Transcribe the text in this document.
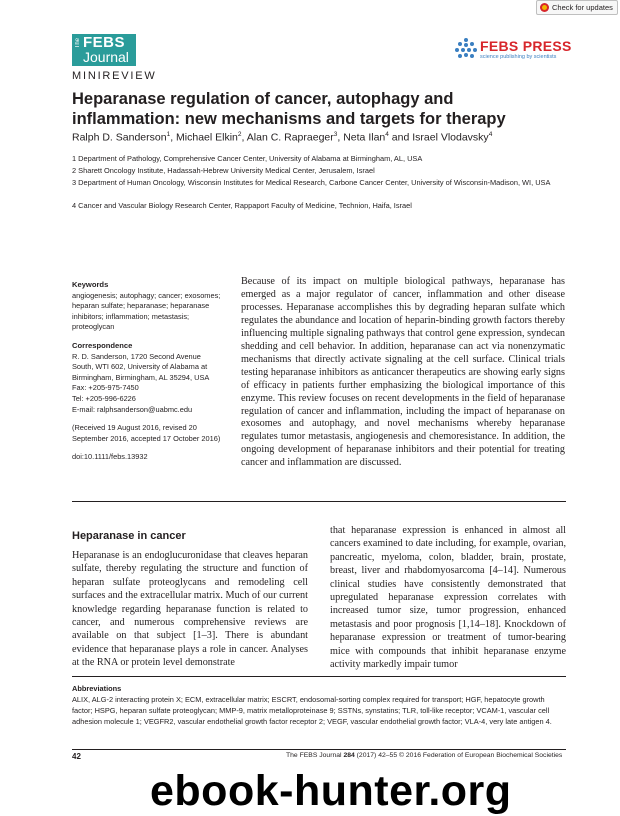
Check for updates
The FEBS
Journal
FEBS PRESS
science publishing by scientists
MINIREVIEW
Heparanase regulation of cancer, autophagy and inflammation: new mechanisms and targets for therapy
Ralph D. Sanderson$^1$, Michael Elkin$^2$, Alan C. Rapraeger$^3$, Neta Ilan$^4$ and Israel Vlodavsky$^4$
1 Department of Pathology, Comprehensive Cancer Center, University of Alabama at Birmingham, AL, USA
2 Sharett Oncology Institute, Hadassah-Hebrew University Medical Center, Jerusalem, Israel
3 Department of Human Oncology, Wisconsin Institutes for Medical Research, Carbone Cancer Center, University of Wisconsin-Madison, WI, USA
4 Cancer and Vascular Biology Research Center, Rappaport Faculty of Medicine, Technion, Haifa, Israel
Keywords
angiogenesis; autophagy; cancer; exosomes; heparan sulfate; heparanase; heparanase inhibitors; inflammation; metastasis; proteoglycan
Correspondence
R. D. Sanderson, 1720 Second Avenue
South, WTI 602, University of Alabama at
Birmingham, Birmingham, AL 35294, USA
Fax: +205-975-7450
Tel: +205-996-6226
E-mail: ralphsanderson@uabmc.edu
(Received 19 August 2016, revised 20 September 2016, accepted 17 October 2016)
doi:10.1111/febs.13932
Because of its impact on multiple biological pathways, heparanase has emerged as a major regulator of cancer, inflammation and other disease processes. Heparanase accomplishes this by degrading heparan sulfate which regulates the abundance and location of heparin-binding growth factors thereby influencing multiple signaling pathways that control gene expression, syndecan shedding and cell behavior. In addition, heparanase can act via nonenzymatic mechanisms that directly activate signaling at the cell surface. Clinical trials testing heparanase inhibitors as anticancer therapeutics are showing early signs of efficacy in patients further emphasizing the biological importance of this enzyme. This review focuses on recent developments in the field of heparanase regulation of cancer and inflammation, including the impact of heparanase on exosomes and autophagy, and novel mechanisms whereby heparanase regulates tumor metastasis, angiogenesis and chemoresistance. In addition, the ongoing development of heparanase inhibitors and their potential for treating cancer and inflammation are discussed.
Heparanase in cancer
Heparanase is an endoglucuronidase that cleaves heparan sulfate, thereby regulating the structure and function of heparan sulfate proteoglycans and remodeling cell surfaces and the extracellular matrix. Much of our current knowledge regarding heparanase function is related to cancer, and numerous comprehensive reviews are available on that subject [1–3]. There is abundant evidence that heparanase plays a role in cancer. Analyses at the RNA or protein level demonstrate
that heparanase expression is enhanced in almost all cancers examined to date including, for example, ovarian, pancreatic, myeloma, colon, bladder, brain, prostate, breast, liver and rhabdomyosarcoma [4–14]. Numerous clinical studies have consistently demonstrated that upregulated heparanase expression correlates with increased tumor size, tumor progression, enhanced metastasis and poor prognosis [1,14–18]. Knockdown of heparanase expression or treatment of tumor-bearing mice with compounds that inhibit heparanase enzyme activity markedly impair tumor
Abbreviations
ALIX, ALG-2 interacting protein X; ECM, extracellular matrix; ESCRT, endosomal-sorting complex required for transport; HGF, hepatocyte growth factor; HSPG, heparan sulfate proteoglycan; MMP-9, matrix metalloproteinase 9; SSTNs, synstatins; TLR, toll-like receptor; VCAM-1, vascular cell adhesion molecule 1; VEGFR2, vascular endothelial growth factor receptor 2; VEGF, vascular endothelial growth factor; VLA-4, very late antigen 4.
42	The FEBS Journal 284 (2017) 42–55 © 2016 Federation of European Biochemical Societies
ebook-hunter.org
